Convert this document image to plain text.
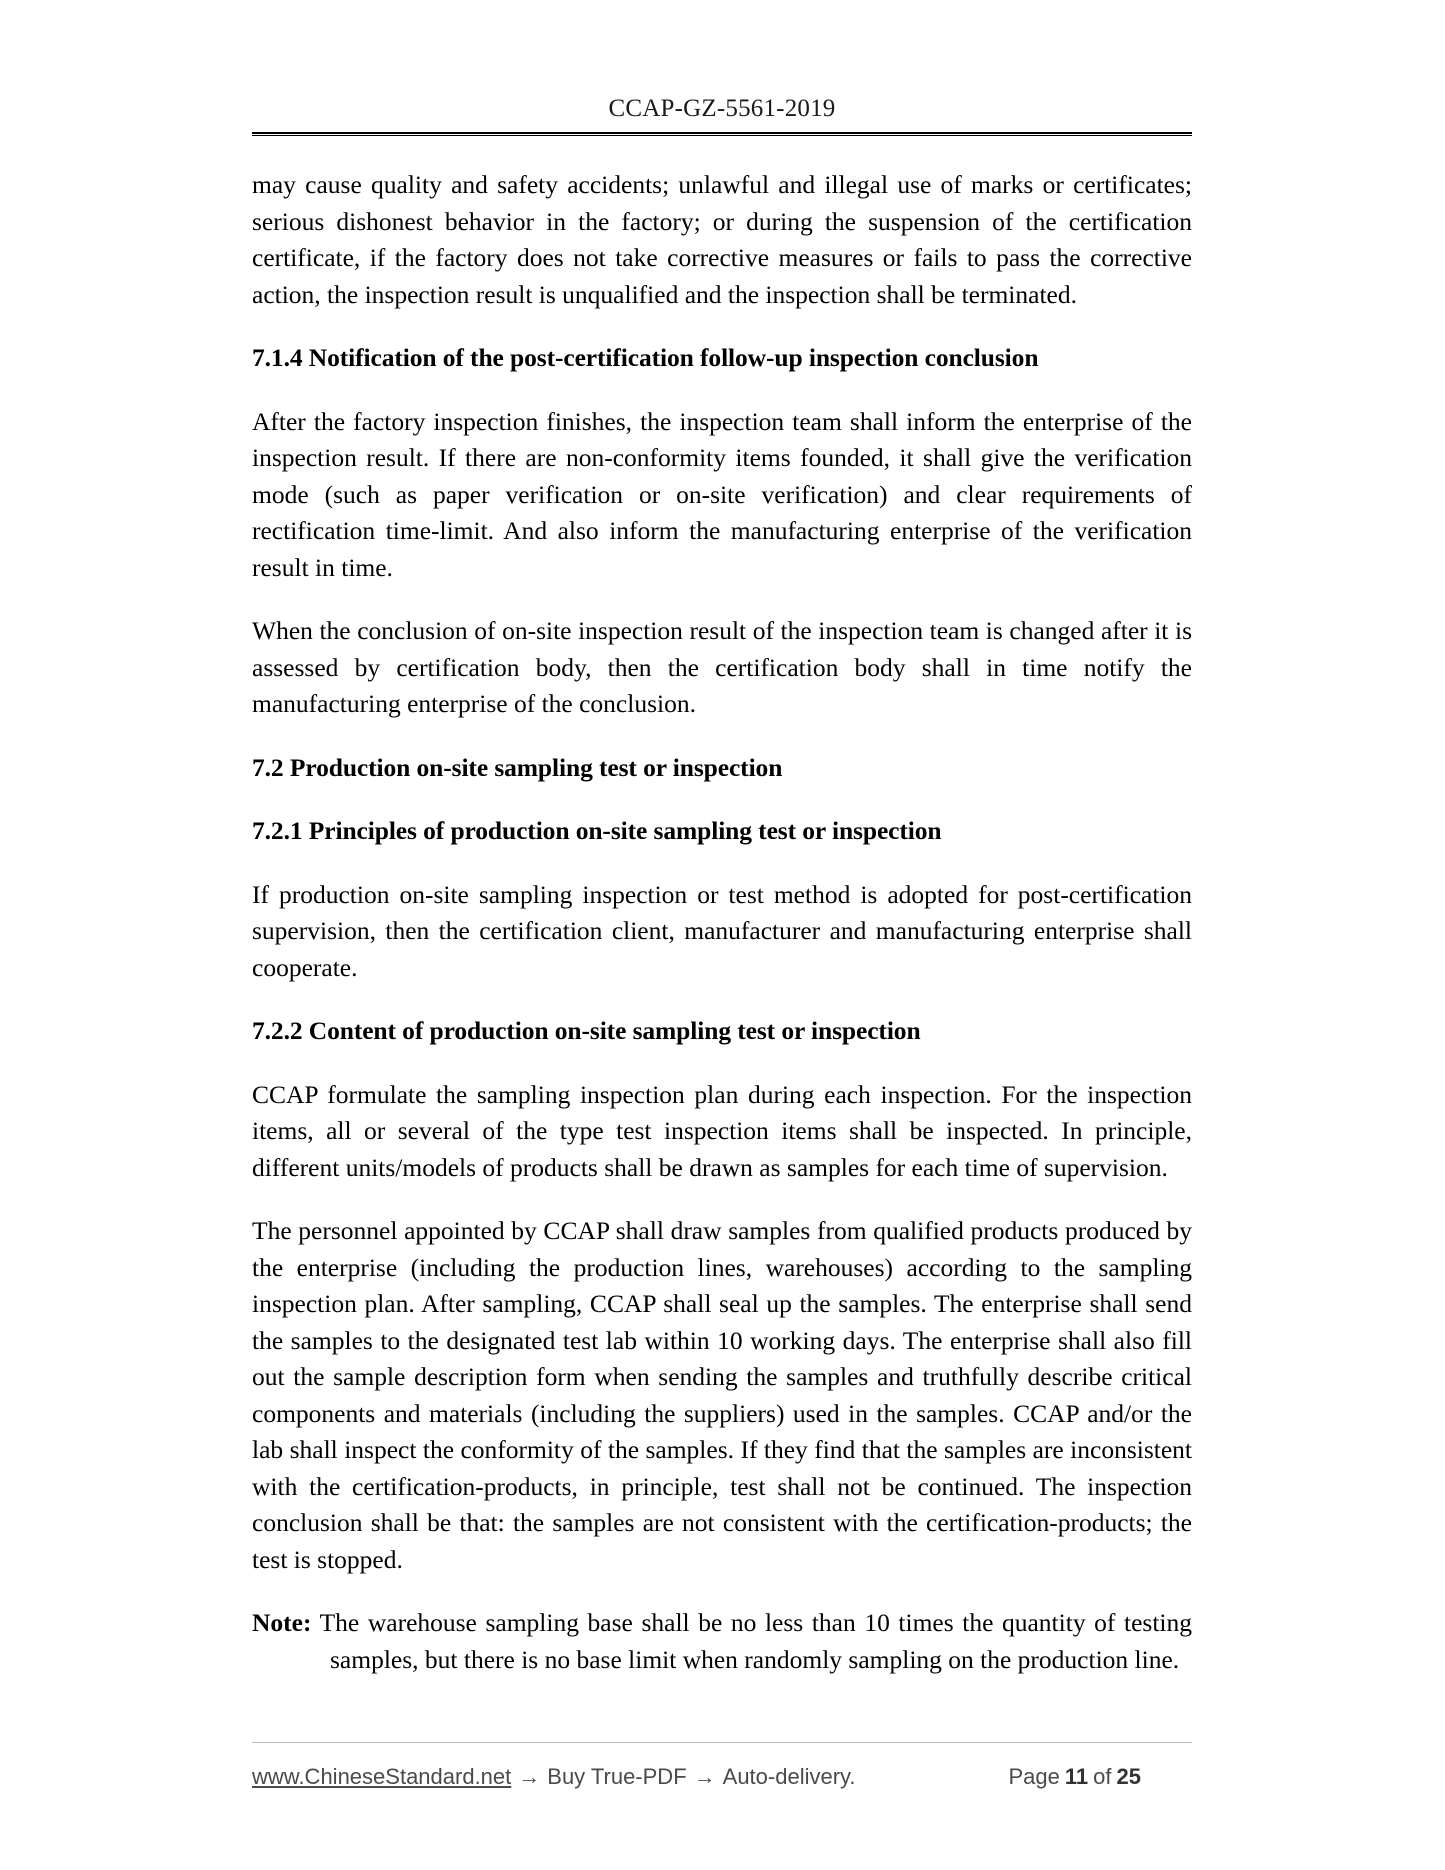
CCAP-GZ-5561-2019

may cause quality and safety accidents; unlawful and illegal use of marks or certificates; serious dishonest behavior in the factory; or during the suspension of the certification certificate, if the factory does not take corrective measures or fails to pass the corrective action, the inspection result is unqualified and the inspection shall be terminated.

7.1.4 Notification of the post-certification follow-up inspection conclusion

After the factory inspection finishes, the inspection team shall inform the enterprise of the inspection result. If there are non-conformity items founded, it shall give the verification mode (such as paper verification or on-site verification) and clear requirements of rectification time-limit. And also inform the manufacturing enterprise of the verification result in time.

When the conclusion of on-site inspection result of the inspection team is changed after it is assessed by certification body, then the certification body shall in time notify the manufacturing enterprise of the conclusion.

7.2 Production on-site sampling test or inspection
7.2.1 Principles of production on-site sampling test or inspection

If production on-site sampling inspection or test method is adopted for post-certification supervision, then the certification client, manufacturer and manufacturing enterprise shall cooperate.

7.2.2 Content of production on-site sampling test or inspection

CCAP formulate the sampling inspection plan during each inspection. For the inspection items, all or several of the type test inspection items shall be inspected. In principle, different units/models of products shall be drawn as samples for each time of supervision.

The personnel appointed by CCAP shall draw samples from qualified products produced by the enterprise (including the production lines, warehouses) according to the sampling inspection plan. After sampling, CCAP shall seal up the samples. The enterprise shall send the samples to the designated test lab within 10 working days. The enterprise shall also fill out the sample description form when sending the samples and truthfully describe critical components and materials (including the suppliers) used in the samples. CCAP and/or the lab shall inspect the conformity of the samples. If they find that the samples are inconsistent with the certification-products, in principle, test shall not be continued. The inspection conclusion shall be that: the samples are not consistent with the certification-products; the test is stopped.

Note: The warehouse sampling base shall be no less than 10 times the quantity of testing samples, but there is no base limit when randomly sampling on the production line.
www.ChineseStandard.net → Buy True-PDF → Auto-delivery.	Page 11 of 25
